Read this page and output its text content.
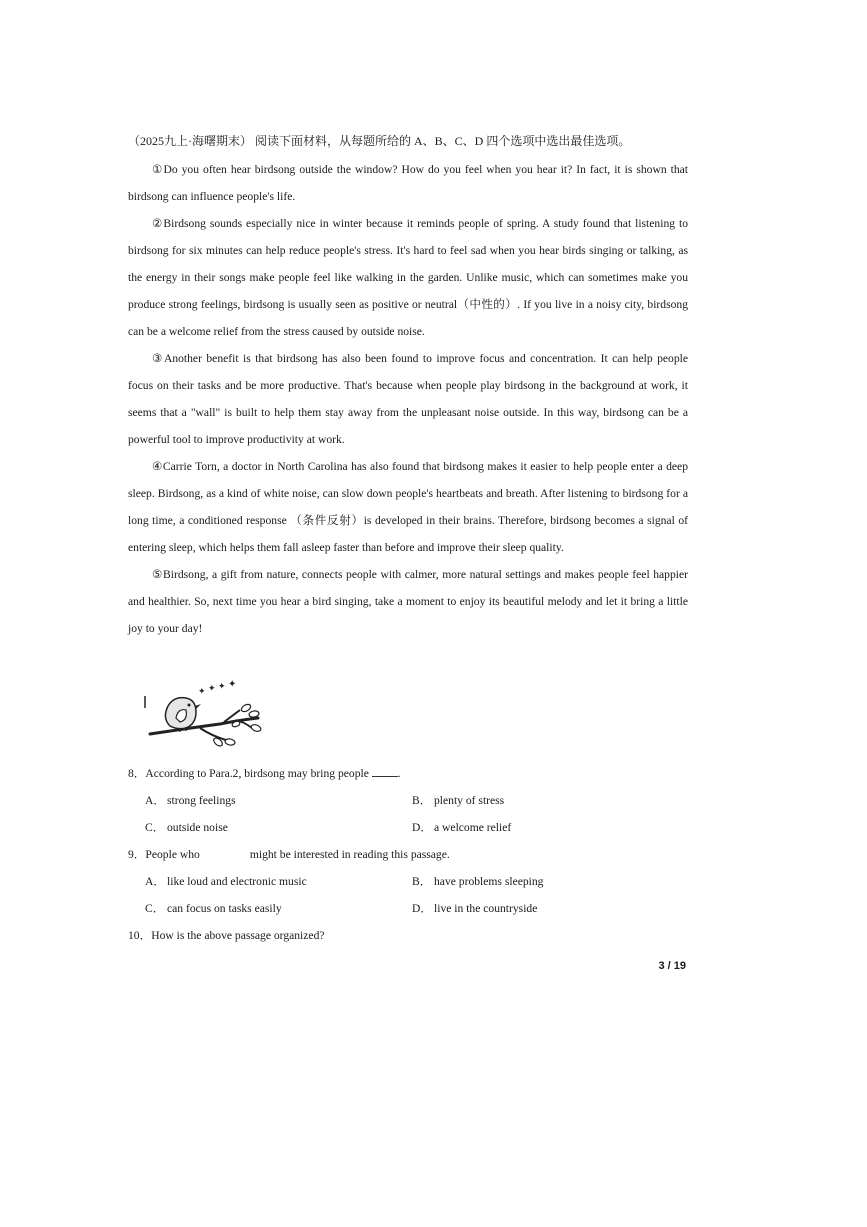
（2025九上·海曙期末） 阅读下面材料，从每题所给的 A、B、C、D 四个选项中选出最佳选项。

①Do you often hear birdsong outside the window? How do you feel when you hear it? In fact, it is shown that birdsong can influence people's life.

②Birdsong sounds especially nice in winter because it reminds people of spring. A study found that listening to birdsong for six minutes can help reduce people's stress. It's hard to feel sad when you hear birds singing or talking, as the energy in their songs make people feel like walking in the garden. Unlike music, which can sometimes make you produce strong feelings, birdsong is usually seen as positive or neutral（中性的）. If you live in a noisy city, birdsong can be a welcome relief from the stress caused by outside noise.

③Another benefit is that birdsong has also been found to improve focus and concentration. It can help people focus on their tasks and be more productive. That's because when people play birdsong in the background at work, it seems that a "wall" is built to help them stay away from the unpleasant noise outside. In this way, birdsong can be a powerful tool to improve productivity at work.

④Carrie Torn, a doctor in North Carolina has also found that birdsong makes it easier to help people enter a deep sleep. Birdsong, as a kind of white noise, can slow down people's heartbeats and breath. After listening to birdsong for a long time, a conditioned response （条件反射）is developed in their brains. Therefore, birdsong becomes a signal of entering sleep, which helps them fall asleep faster than before and improve their sleep quality.

⑤Birdsong, a gift from nature, connects people with calmer, more natural settings and makes people feel happier and healthier. So, next time you hear a bird singing, take a moment to enjoy its beautiful melody and let it bring a little joy to your day!

✦ ✦ ✦ ✦

8．According to Para.2, birdsong may bring people .

A． strong feelings	B． plenty of stress
C． outside noise	D． a welcome relief

9．People who	might be interested in reading this passage.

A． like loud and electronic music	B． have problems sleeping
C． can focus on tasks easily	D． live in the countryside

10．How is the above passage organized?

3 / 19
